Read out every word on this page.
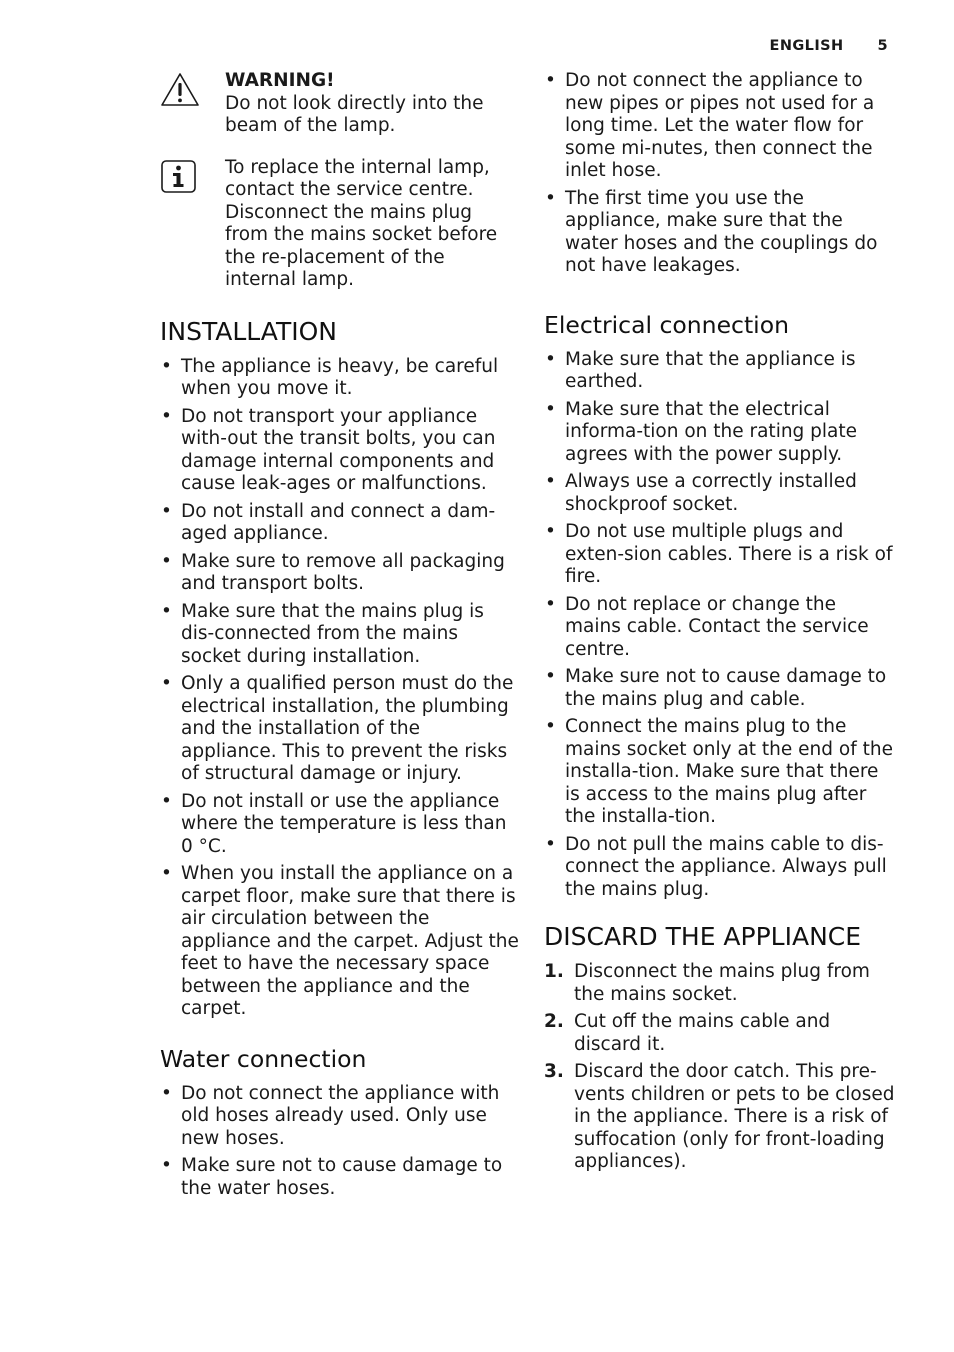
ENGLISH 5
WARNING!
Do not look directly into the beam of the lamp.
To replace the internal lamp, contact the service centre. Disconnect the mains plug from the mains socket before the re-placement of the internal lamp.
INSTALLATION
• The appliance is heavy, be careful when you move it.
• Do not transport your appliance with-out the transit bolts, you can damage internal components and cause leak-ages or malfunctions.
• Do not install and connect a dam-aged appliance.
• Make sure to remove all packaging and transport bolts.
• Make sure that the mains plug is dis-connected from the mains socket during installation.
• Only a qualified person must do the electrical installation, the plumbing and the installation of the appliance. This to prevent the risks of structural damage or injury.
• Do not install or use the appliance where the temperature is less than 0 °C.
• When you install the appliance on a carpet floor, make sure that there is air circulation between the appliance and the carpet. Adjust the feet to have the necessary space between the appliance and the carpet.
Water connection
• Do not connect the appliance with old hoses already used. Only use new hoses.
• Make sure not to cause damage to the water hoses.
• Do not connect the appliance to new pipes or pipes not used for a long time. Let the water flow for some mi-nutes, then connect the inlet hose.
• The first time you use the appliance, make sure that the water hoses and the couplings do not have leakages.
Electrical connection
• Make sure that the appliance is earthed.
• Make sure that the electrical informa-tion on the rating plate agrees with the power supply.
• Always use a correctly installed shockproof socket.
• Do not use multiple plugs and exten-sion cables. There is a risk of fire.
• Do not replace or change the mains cable. Contact the service centre.
• Make sure not to cause damage to the mains plug and cable.
• Connect the mains plug to the mains socket only at the end of the installa-tion. Make sure that there is access to the mains plug after the installa-tion.
• Do not pull the mains cable to dis-connect the appliance. Always pull the mains plug.
DISCARD THE APPLIANCE
1. Disconnect the mains plug from the mains socket.
2. Cut off the mains cable and discard it.
3. Discard the door catch. This pre-vents children or pets to be closed in the appliance. There is a risk of suffocation (only for front-loading appliances).
